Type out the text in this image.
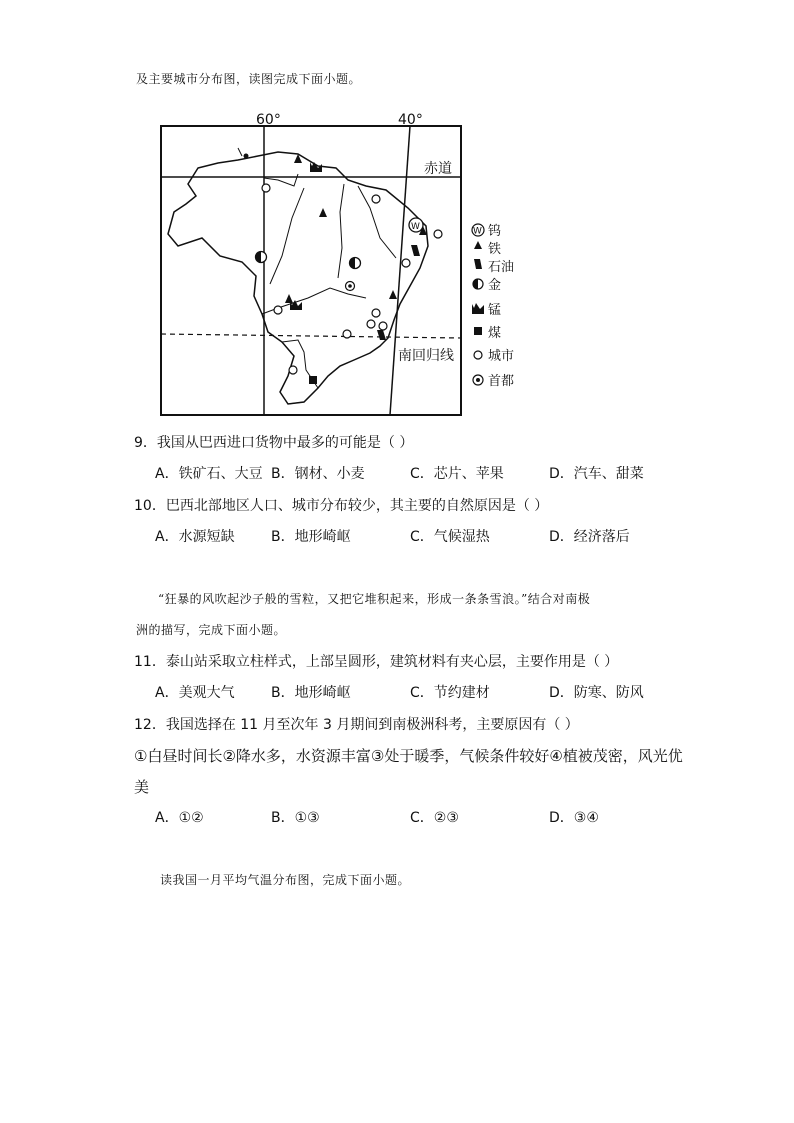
及主要城市分布图，读图完成下面小题。
60°	40°
赤道
南回归线
W	W 钨
铁
石油
金
锰
煤
城市
首都
9．我国从巴西进口货物中最多的可能是（ ）
A．铁矿石、大豆 B．钢材、小麦	C．芯片、苹果	D．汽车、甜菜
10．巴西北部地区人口、城市分布较少，其主要的自然原因是（ ）
A．水源短缺	B．地形崎岖	C．气候湿热	D．经济落后
“狂暴的风吹起沙子般的雪粒，又把它堆积起来，形成一条条雪浪。”结合对南极
洲的描写，完成下面小题。
11．泰山站采取立柱样式，上部呈圆形，建筑材料有夹心层，主要作用是（ ）
A．美观大气	B．地形崎岖	C．节约建材	D．防寒、防风
12．我国选择在 11 月至次年 3 月期间到南极洲科考，主要原因有（ ）
①白昼时间长②降水多，水资源丰富③处于暖季，气候条件较好④植被茂密，风光优
美
A．①②	B．①③	C．②③	D．③④
读我国一月平均气温分布图，完成下面小题。
